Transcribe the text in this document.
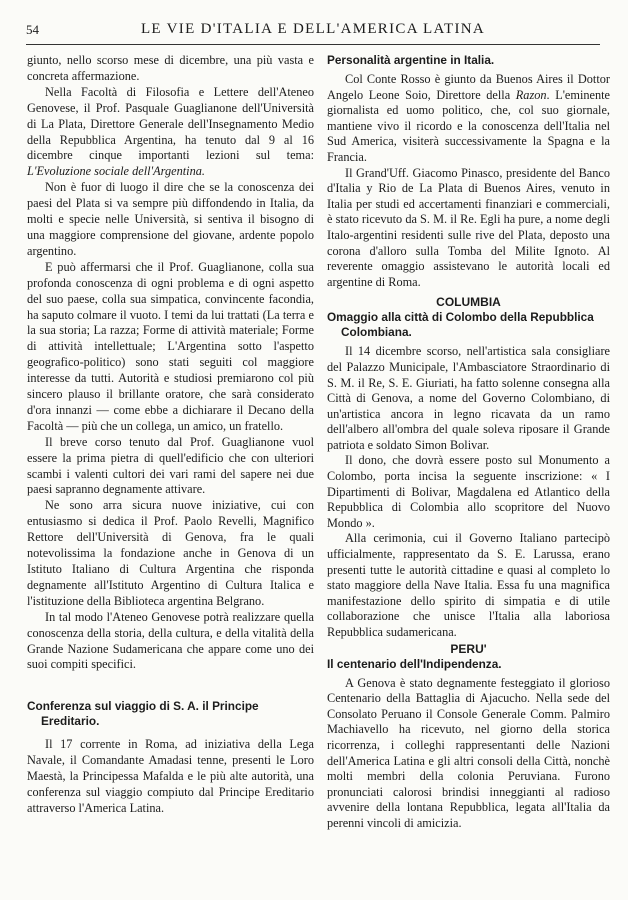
54	LE VIE D'ITALIA E DELL'AMERICA LATINA

giunto, nello scorso mese di dicembre, una più vasta e concreta affermazione.

Nella Facoltà di Filosofia e Lettere dell'Ateneo Genovese, il Prof. Pasquale Guaglianone dell'Università di La Plata, Direttore Generale dell'Insegnamento Medio della Repubblica Argentina, ha tenuto dal 9 al 16 dicembre cinque importanti lezioni sul tema: L'Evoluzione sociale dell'Argentina.

Non è fuor di luogo il dire che se la conoscenza dei paesi del Plata si va sempre più diffondendo in Italia, da molti e specie nelle Università, si sentiva il bisogno di una maggiore comprensione del giovane, ardente popolo argentino.

E può affermarsi che il Prof. Guaglianone, colla sua profonda conoscenza di ogni problema e di ogni aspetto del suo paese, colla sua simpatica, convincente facondia, ha saputo colmare il vuoto. I temi da lui trattati (La terra e la sua storia; La razza; Forme di attività materiale; Forme di attività intellettuale; L'Argentina sotto l'aspetto geografico-politico) sono stati seguiti col maggiore interesse da tutti. Autorità e studiosi premiarono col più sincero plauso il brillante oratore, che sarà considerato d'ora innanzi — come ebbe a dichiarare il Decano della Facoltà — più che un collega, un amico, un fratello.

Il breve corso tenuto dal Prof. Guaglianone vuol essere la prima pietra di quell'edificio che con ulteriori scambi i valenti cultori dei vari rami del sapere nei due paesi sapranno degnamente attivare.

Ne sono arra sicura nuove iniziative, cui con entusiasmo si dedica il Prof. Paolo Revelli, Magnifico Rettore dell'Università di Genova, fra le quali notevolissima la fondazione anche in Genova di un Istituto Italiano di Cultura Argentina che risponda degnamente all'Istituto Argentino di Cultura Italica e l'istituzione della Biblioteca argentina Belgrano.

In tal modo l'Ateneo Genovese potrà realizzare quella conoscenza della storia, della cultura, e della vitalità della Grande Nazione Sudamericana che appare come uno dei suoi compiti specifici.

Conferenza sul viaggio di S. A. il Principe Ereditario.

Il 17 corrente in Roma, ad iniziativa della Lega Navale, il Comandante Amadasi tenne, presenti le Loro Maestà, la Principessa Mafalda e le più alte autorità, una conferenza sul viaggio compiuto dal Principe Ereditario attraverso l'America Latina.

Personalità argentine in Italia.

Col Conte Rosso è giunto da Buenos Aires il Dottor Angelo Leone Soio, Direttore della Razon. L'eminente giornalista ed uomo politico, che, col suo giornale, mantiene vivo il ricordo e la conoscenza dell'Italia nel Sud America, visiterà successivamente la Spagna e la Francia.

Il Grand'Uff. Giacomo Pinasco, presidente del Banco d'Italia y Rio de La Plata di Buenos Aires, venuto in Italia per studi ed accertamenti finanziari e commerciali, è stato ricevuto da S. M. il Re. Egli ha pure, a nome degli Italo-argentini residenti sulle rive del Plata, deposto una corona d'alloro sulla Tomba del Milite Ignoto. Al reverente omaggio assistevano le autorità locali ed argentine di Roma.

COLUMBIA
Omaggio alla città di Colombo della Repubblica Colombiana.

Il 14 dicembre scorso, nell'artistica sala consigliare del Palazzo Municipale, l'Ambasciatore Straordinario di S. M. il Re, S. E. Giuriati, ha fatto solenne consegna alla Città di Genova, a nome del Governo Colombiano, di un'artistica ancora in legno ricavata da un ramo dell'albero all'ombra del quale soleva riposare il Grande patriota e soldato Simon Bolivar.

Il dono, che dovrà essere posto sul Monumento a Colombo, porta incisa la seguente inscrizione: « I Dipartimenti di Bolivar, Magdalena ed Atlantico della Repubblica di Colombia allo scopritore del Nuovo Mondo ».

Alla cerimonia, cui il Governo Italiano partecipò ufficialmente, rappresentato da S. E. Larussa, erano presenti tutte le autorità cittadine e quasi al completo lo stato maggiore della Nave Italia. Essa fu una magnifica manifestazione dello spirito di simpatia e di utile collaborazione che unisce l'Italia alla laboriosa Repubblica sudamericana.

PERU'
Il centenario dell'Indipendenza.

A Genova è stato degnamente festeggiato il glorioso Centenario della Battaglia di Ajacucho. Nella sede del Consolato Peruano il Console Generale Comm. Palmiro Machiavello ha ricevuto, nel giorno della storica ricorrenza, i colleghi rappresentanti delle Nazioni dell'America Latina e gli altri consoli della Città, nonchè molti membri della colonia Peruviana. Furono pronunciati calorosi brindisi inneggianti al radioso avvenire della lontana Repubblica, legata all'Italia da perenni vincoli di amicizia.
